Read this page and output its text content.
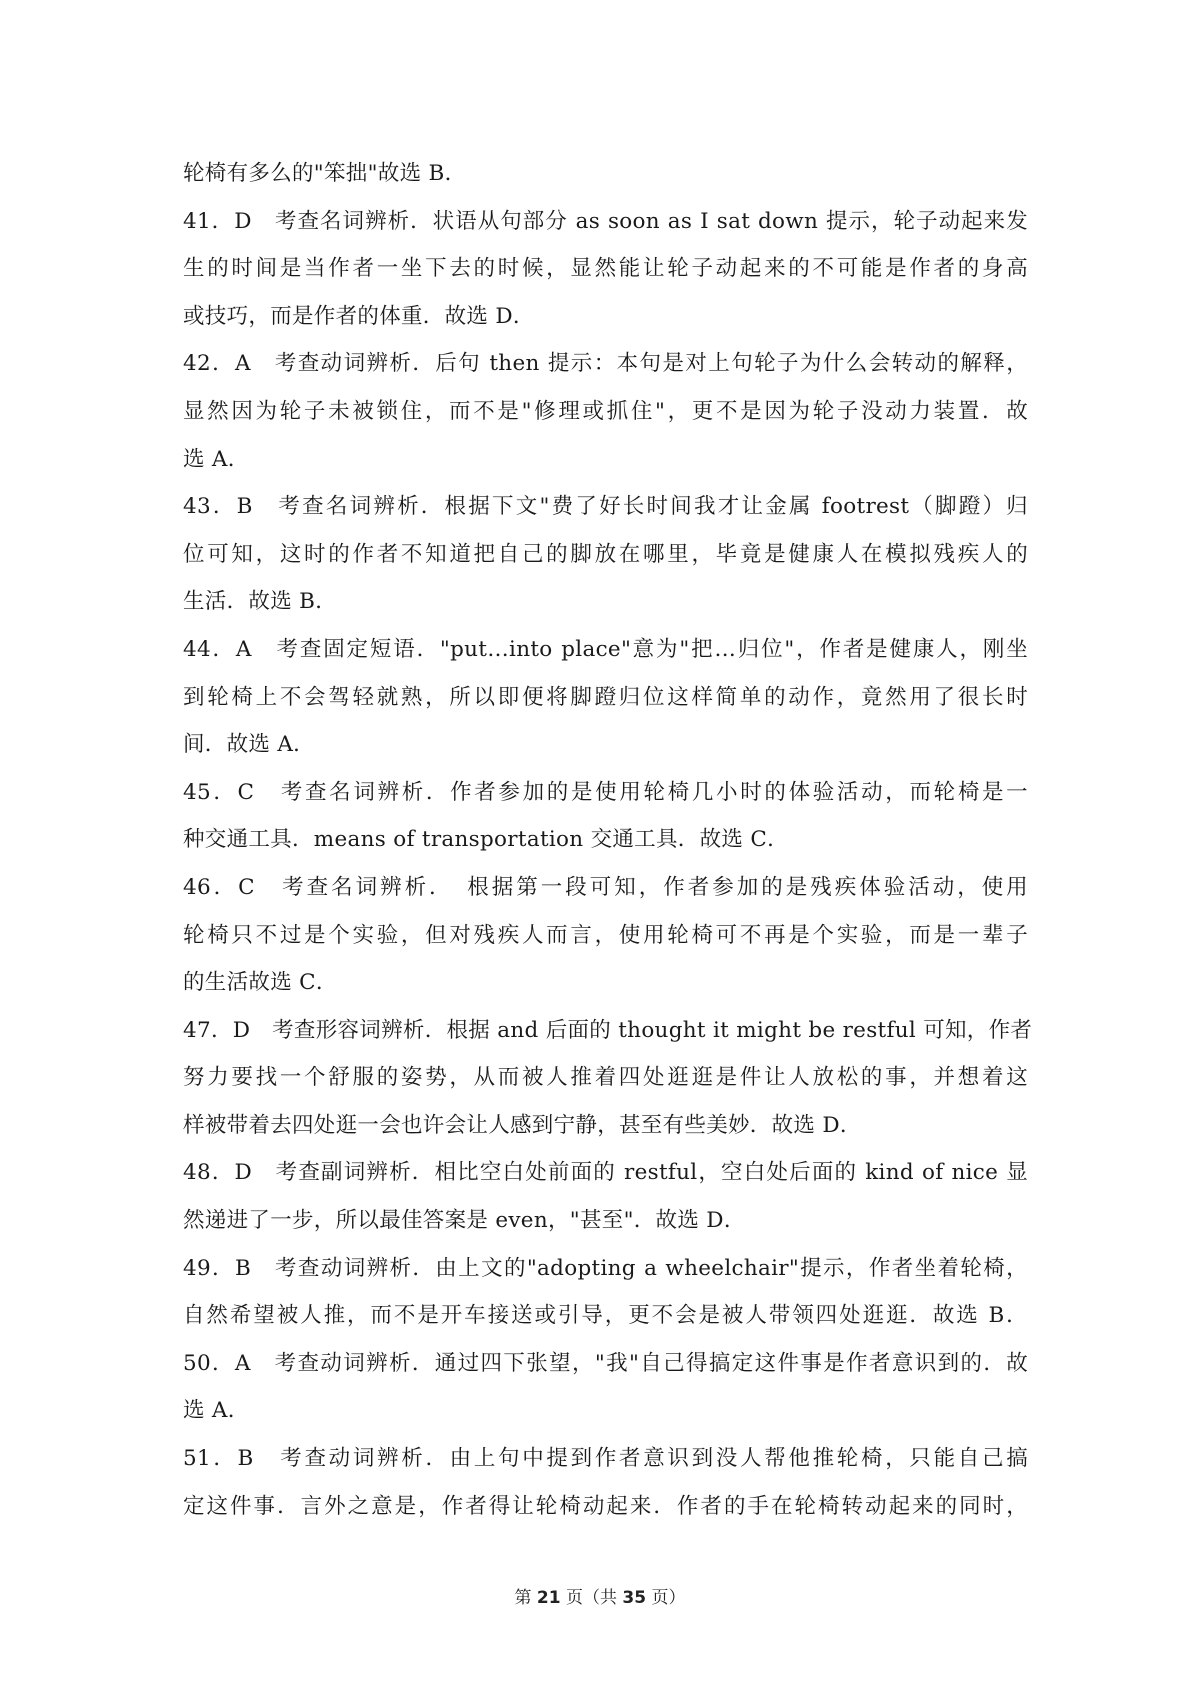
轮椅有多么的"笨拙"故选 B．
41．D　考查名词辨析．状语从句部分 as soon as I sat down 提示，轮子动起来发
生的时间是当作者一坐下去的时候，显然能让轮子动起来的不可能是作者的身高
或技巧，而是作者的体重．故选 D．
42．A　考查动词辨析．后句 then 提示：本句是对上句轮子为什么会转动的解释，
显然因为轮子未被锁住，而不是"修理或抓住"，更不是因为轮子没动力装置．故
选 A．
43．B　考查名词辨析．根据下文"费了好长时间我才让金属 footrest（脚蹬）归
位可知，这时的作者不知道把自己的脚放在哪里，毕竟是健康人在模拟残疾人的
生活．故选 B．
44．A　考查固定短语．"put…into place"意为"把…归位"，作者是健康人，刚坐
到轮椅上不会驾轻就熟，所以即便将脚蹬归位这样简单的动作，竟然用了很长时
间．故选 A．
45．C　考查名词辨析．作者参加的是使用轮椅几小时的体验活动，而轮椅是一
种交通工具．means of transportation 交通工具．故选 C．
46．C　考查名词辨析．　根据第一段可知，作者参加的是残疾体验活动，使用
轮椅只不过是个实验，但对残疾人而言，使用轮椅可不再是个实验，而是一辈子
的生活故选 C．
47．D　考查形容词辨析．根据 and 后面的 thought it might be restful 可知，作者
努力要找一个舒服的姿势，从而被人推着四处逛逛是件让人放松的事，并想着这
样被带着去四处逛一会也许会让人感到宁静，甚至有些美妙．故选 D．
48．D　考查副词辨析．相比空白处前面的 restful，空白处后面的 kind of nice 显
然递进了一步，所以最佳答案是 even，"甚至"．故选 D．
49．B　考查动词辨析．由上文的"adopting a wheelchair"提示，作者坐着轮椅，
自然希望被人推，而不是开车接送或引导，更不会是被人带领四处逛逛．故选 B．
50．A　考查动词辨析．通过四下张望，"我"自己得搞定这件事是作者意识到的．故
选 A．
51．B　考查动词辨析．由上句中提到作者意识到没人帮他推轮椅，只能自己搞
定这件事．言外之意是，作者得让轮椅动起来．作者的手在轮椅转动起来的同时，
第 21 页（共 35 页）
